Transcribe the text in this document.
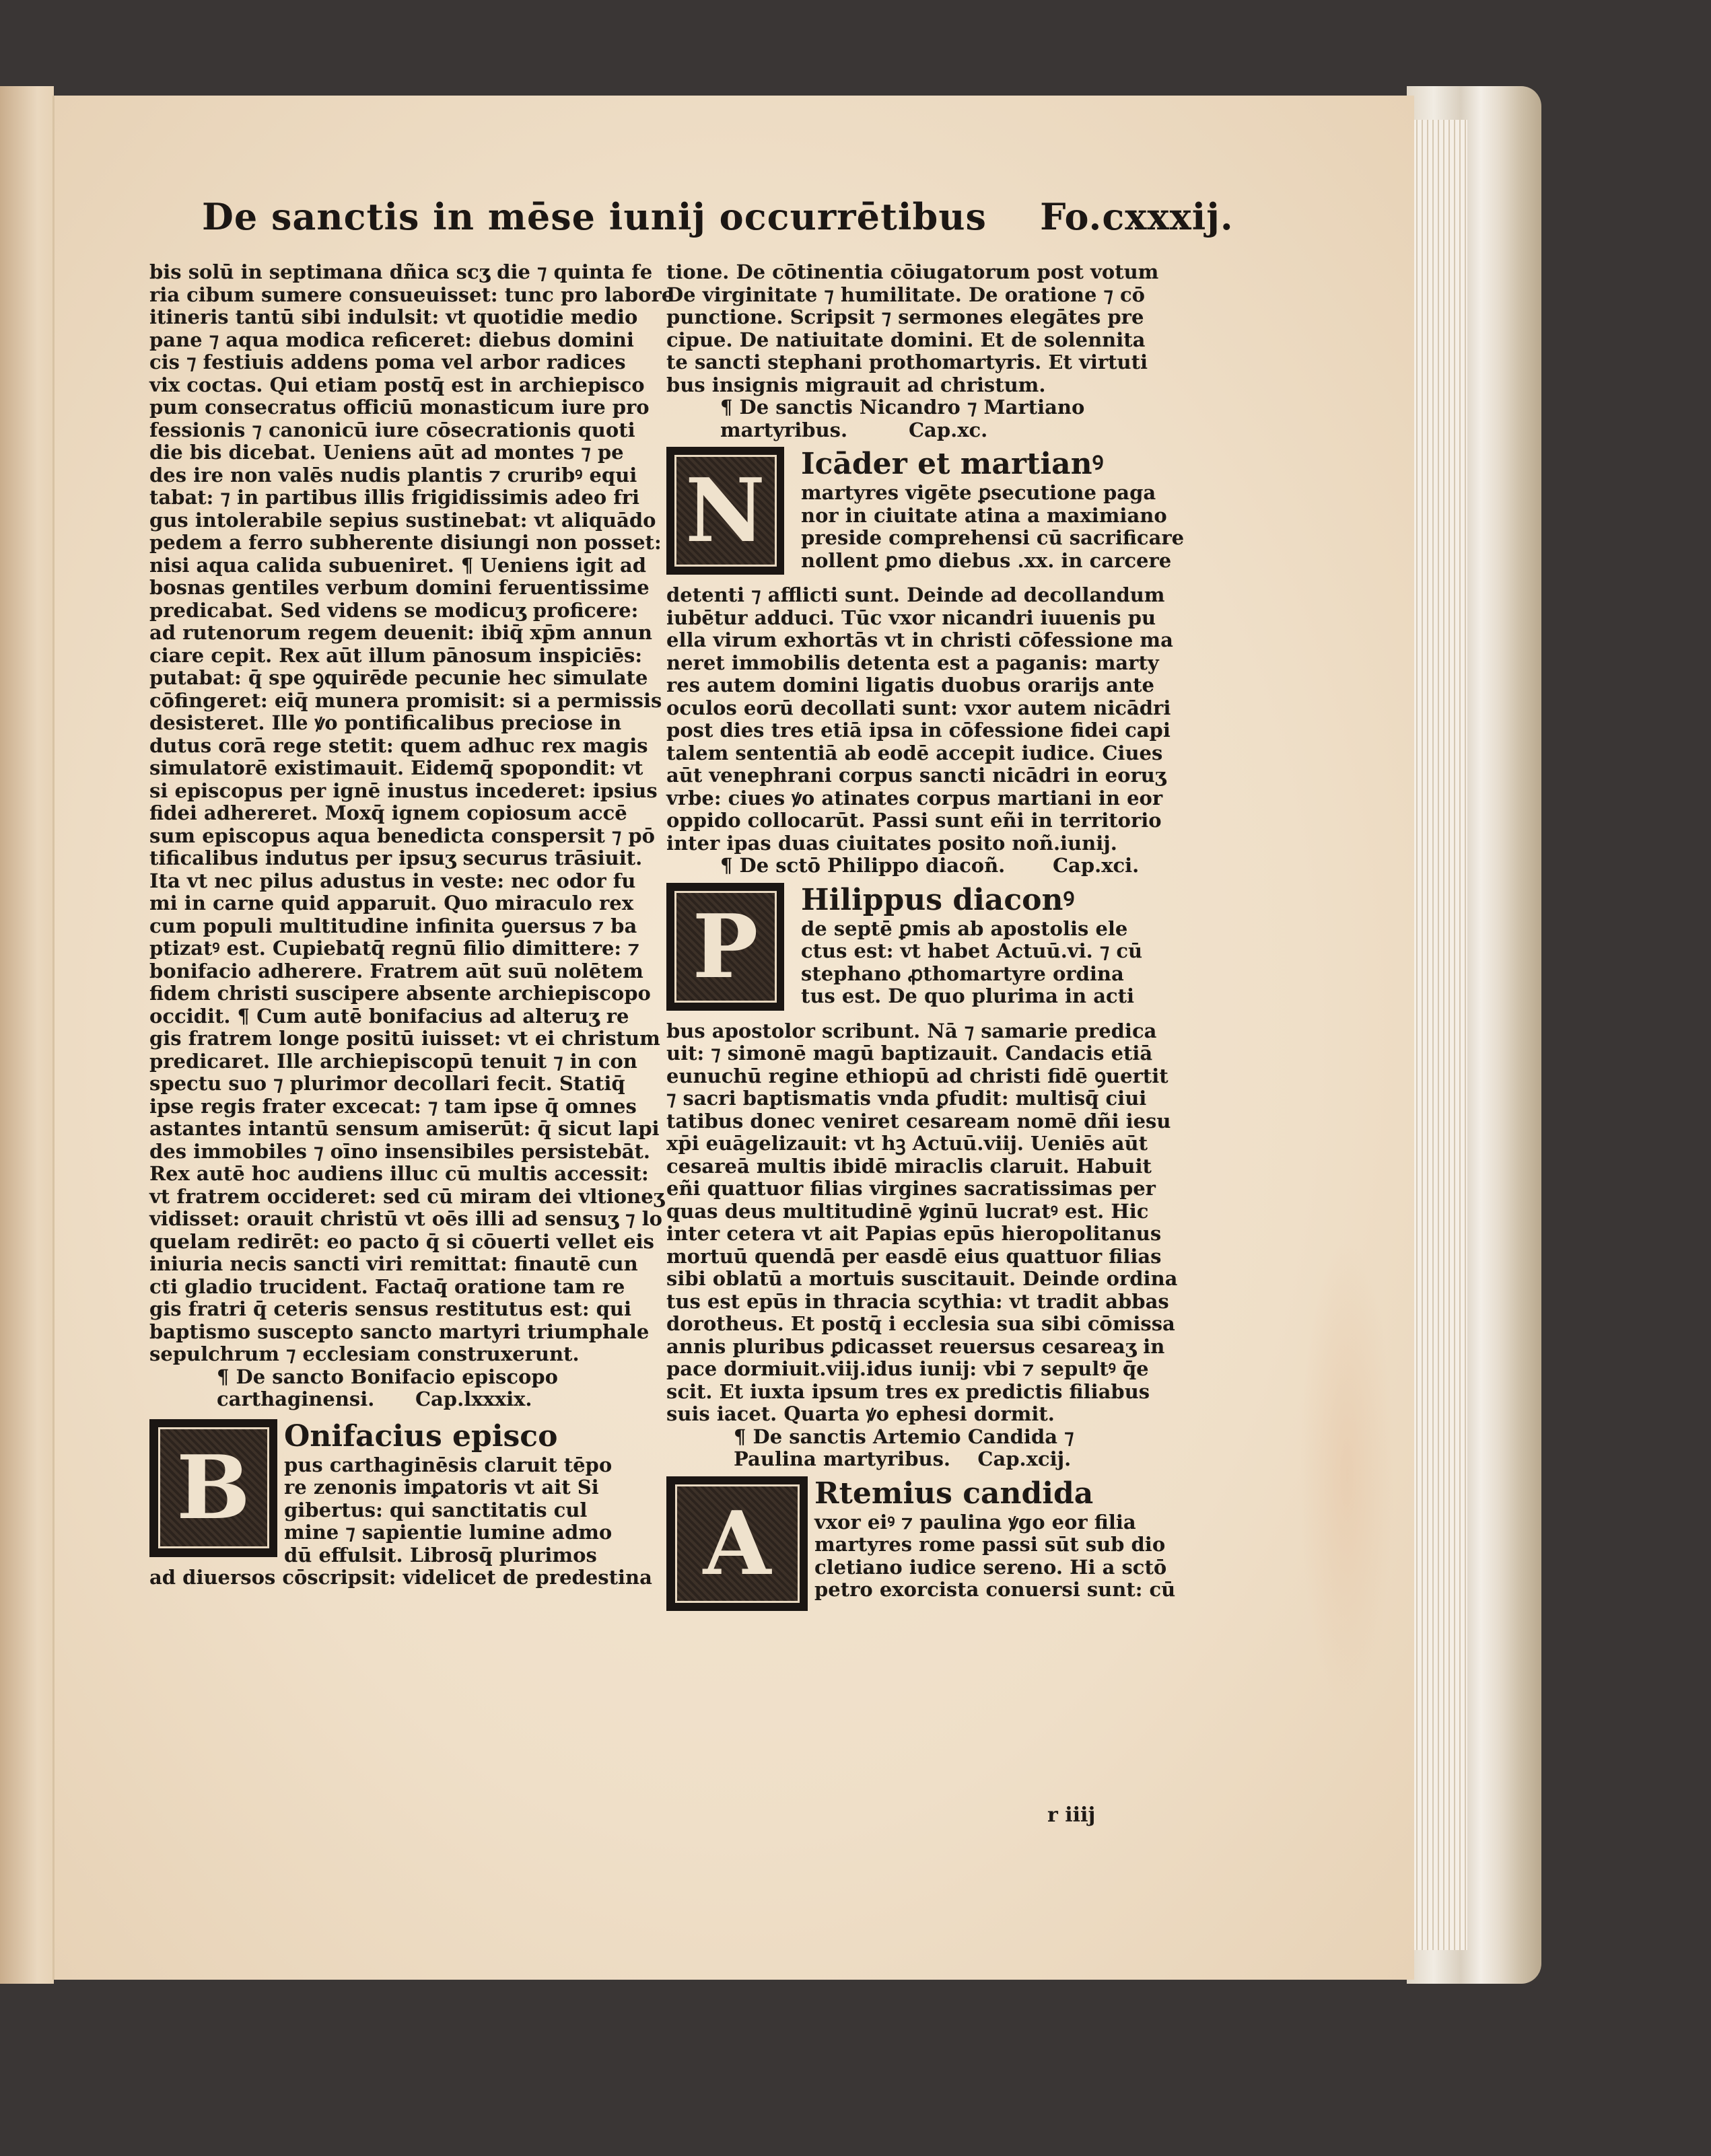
De sanctis in mēse iunij occurrētibus Fo.cxxxij.

bis solū in septimana dñica scʒ die ⁊ quinta fe

ria cibum sumere consueuisset: tunc pro labore

itineris tantū sibi indulsit: vt quotidie medio

pane ⁊ aqua modica reficeret: diebus domini

cis ⁊ festiuis addens poma vel arbor radices

vix coctas. Qui etiam postq̄ est in archiepisco

pum consecratus officiū monasticum iure pro

fessionis ⁊ canonicū iure cōsecrationis quoti

die bis dicebat. Ueniens aūt ad montes ⁊ pe

des ire non valēs nudis plantis ⁊ cruribꝰ equi

tabat: ⁊ in partibus illis frigidissimis adeo fri

gus intolerabile sepius sustinebat: vt aliquādo

pedem a ferro subherente disiungi non posset:

nisi aqua calida subueniret. ¶ Ueniens igit ad

bosnas gentiles verbum domini feruentissime

predicabat. Sed videns se modicuʒ proficere:

ad rutenorum regem deuenit: ibiq̄ xp̄m annun

ciare cepit. Rex aūt illum pānosum inspiciēs:

putabat: q̄ spe ꝯquirēde pecunie hec simulate

cōfingeret: eiq̄ munera promisit: si a permissis

desisteret. Ille ꝟo pontificalibus preciose in

dutus corā rege stetit: quem adhuc rex magis

simulatorē existimauit. Eidemq̄ spopondit: vt

si episcopus per ignē inustus incederet: ipsius

fidei adhereret. Moxq̄ ignem copiosum accē

sum episcopus aqua benedicta conspersit ⁊ pō

tificalibus indutus per ipsuʒ securus trāsiuit.

Ita vt nec pilus adustus in veste: nec odor fu

mi in carne quid apparuit. Quo miraculo rex

cum populi multitudine infinita ꝯuersus ⁊ ba

ptizatꝰ est. Cupiebatq̄ regnū filio dimittere: ⁊

bonifacio adherere. Fratrem aūt suū nolētem

fidem christi suscipere absente archiepiscopo

occidit. ¶ Cum autē bonifacius ad alteruʒ re

gis fratrem longe positū iuisset: vt ei christum

predicaret. Ille archiepiscopū tenuit ⁊ in con

spectu suo ⁊ plurimor decollari fecit. Statiq̄

ipse regis frater excecat: ⁊ tam ipse q̄ omnes

astantes intantū sensum amiserūt: q̄ sicut lapi

des immobiles ⁊ oīno insensibiles persistebāt.

Rex autē hoc audiens illuc cū multis accessit:

vt fratrem occideret: sed cū miram dei vltioneʒ

vidisset: orauit christū vt oēs illi ad sensuʒ ⁊ lo

quelam redirēt: eo pacto q̄ si cōuerti vellet eis

iniuria necis sancti viri remittat: finautē cun

cti gladio trucident. Factaq̄ oratione tam re

gis fratri q̄ ceteris sensus restitutus est: qui

baptismo suscepto sancto martyri triumphale

sepulchrum ⁊ ecclesiam construxerunt.

¶ De sancto Bonifacio episcopo

carthaginensi. Cap.lxxxix.

B Onifacius episco

pus carthaginēsis claruit tēpo

re zenonis imꝑatoris vt ait Si

gibertus: qui sanctitatis cul

mine ⁊ sapientie lumine admo

dū effulsit. Librosq̄ plurimos

ad diuersos cōscripsit: videlicet de predestina

tione. De cōtinentia cōiugatorum post votum

De virginitate ⁊ humilitate. De oratione ⁊ cō

punctione. Scripsit ⁊ sermones elegātes pre

cipue. De natiuitate domini. Et de solennita

te sancti stephani prothomartyris. Et virtuti

bus insignis migrauit ad christum.

¶ De sanctis Nicandro ⁊ Martiano

martyribus.	Cap.xc.

N Icāder et martianꝰ

martyres vigēte ꝑsecutione paga

nor in ciuitate atina a maximiano

preside comprehensi cū sacrificare

nollent ꝑmo diebus .xx. in carcere

detenti ⁊ afflicti sunt. Deinde ad decollandum

iubētur adduci. Tūc vxor nicandri iuuenis pu

ella virum exhortās vt in christi cōfessione ma

neret immobilis detenta est a paganis: marty

res autem domini ligatis duobus orarijs ante

oculos eorū decollati sunt: vxor autem nicādri

post dies tres etiā ipsa in cōfessione fidei capi

talem sententiā ab eodē accepit iudice. Ciues

aūt venephrani corpus sancti nicādri in eoruʒ

vrbe: ciues ꝟo atinates corpus martiani in eor

oppido collocarūt. Passi sunt eñi in territorio

inter ipas duas ciuitates posito noñ.iunij.

¶ De sctō Philippo diacoñ. Cap.xci.

P Hilippus diaconꝰ

de septē ꝑmis ab apostolis ele

ctus est: vt habet Actuū.vi. ⁊ cū

stephano ꝓthomartyre ordina

tus est. De quo plurima in acti

bus apostolor scribunt. Nā ⁊ samarie predica

uit: ⁊ simonē magū baptizauit. Candacis etiā

eunuchū regine ethiopū ad christi fidē ꝯuertit

⁊ sacri baptismatis vnda ꝑfudit: multisq̄ ciui

tatibus donec veniret cesaream nomē dñi iesu

xp̄i euāgelizauit: vt hꝫ Actuū.viij. Ueniēs aūt

cesareā multis ibidē miraclis claruit. Habuit

eñi quattuor filias virgines sacratissimas per

quas deus multitudinē ꝟginū lucratꝰ est. Hic

inter cetera vt ait Papias epūs hieropolitanus

mortuū quendā per easdē eius quattuor filias

sibi oblatū a mortuis suscitauit. Deinde ordina

tus est epūs in thracia scythia: vt tradit abbas

dorotheus. Et postq̄ i ecclesia sua sibi cōmissa

annis pluribus ꝑdicasset reuersus cesareaʒ in

pace dormiuit.viij.idus iunij: vbi ⁊ sepultꝰ q̄e

scit. Et iuxta ipsum tres ex predictis filiabus

suis iacet. Quarta ꝟo ephesi dormit.

¶ De sanctis Artemio Candida ⁊

Paulina martyribus. Cap.xcij.

A Rtemius candida

vxor eiꝰ ⁊ paulina ꝟgo eor filia

martyres rome passi sūt sub dio

cletiano iudice sereno. Hi a sctō

petro exorcista conuersi sunt: cū

r iiij
